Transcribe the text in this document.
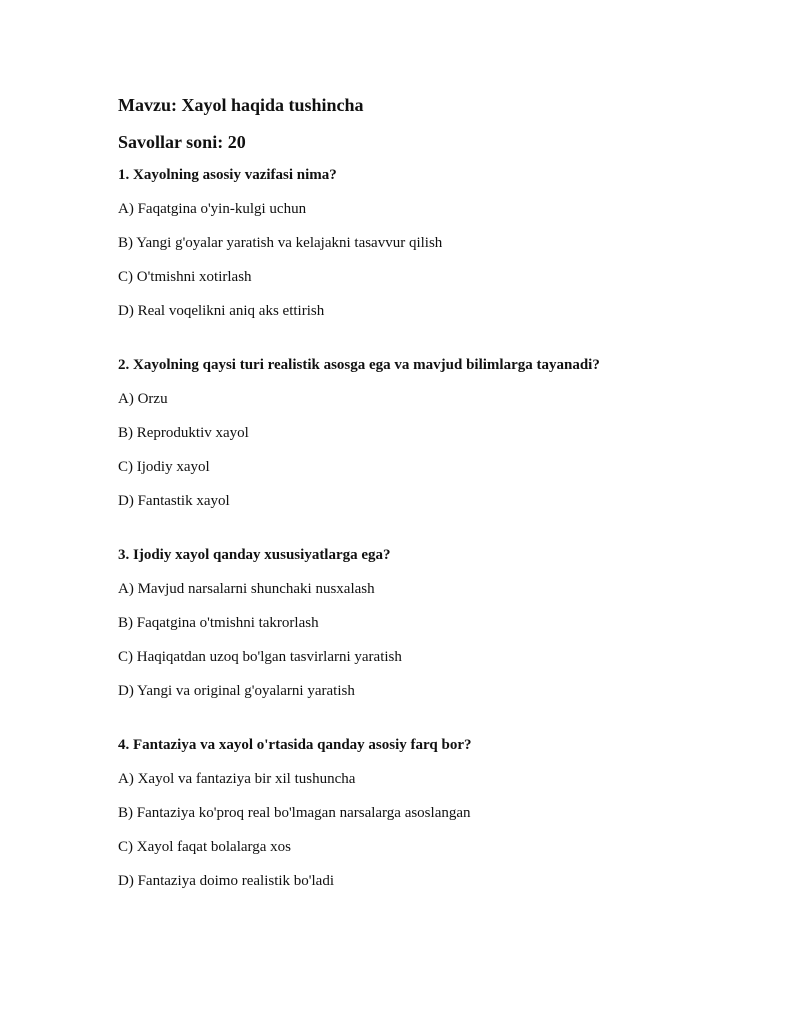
Mavzu: Xayol haqida tushincha
Savollar soni: 20

1. Xayolning asosiy vazifasi nima?

A) Faqatgina o'yin-kulgi uchun
B) Yangi g'oyalar yaratish va kelajakni tasavvur qilish
C) O'tmishni xotirlash
D) Real voqelikni aniq aks ettirish

2. Xayolning qaysi turi realistik asosga ega va mavjud bilimlarga tayanadi?

A) Orzu
B) Reproduktiv xayol
C) Ijodiy xayol
D) Fantastik xayol

3. Ijodiy xayol qanday xususiyatlarga ega?

A) Mavjud narsalarni shunchaki nusxalash
B) Faqatgina o'tmishni takrorlash
C) Haqiqatdan uzoq bo'lgan tasvirlarni yaratish
D) Yangi va original g'oyalarni yaratish

4. Fantaziya va xayol o'rtasida qanday asosiy farq bor?

A) Xayol va fantaziya bir xil tushuncha
B) Fantaziya ko'proq real bo'lmagan narsalarga asoslangan
C) Xayol faqat bolalarga xos
D) Fantaziya doimo realistik bo'ladi
